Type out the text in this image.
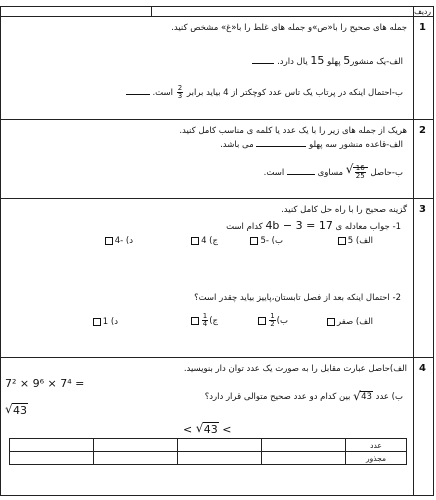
ردیف
1
جمله های صحیح را با«ص»و جمله های غلط را با«غ» مشخص کنید.
الف-یک منشور5 پهلو 15 یال دارد.
ب-احتمال اینکه در پرتاب یک تاس عدد کوچکتر از 4 بیاید برابر
$\frac{2}{3}$
است.
2
هریک از جمله های زیر را با یک عدد یا کلمه ی مناسب کامل کنید.
الف-قاعده منشور سه پهلو  می باشد.
ب-حاصل
√ $\frac{16}{25}$
مساوی  است.
3
گزینه صحیح را با راه حل کامل کنید.
1- جواب معادله ی 4b − 3 = 17 کدام است
الف) 5
ب) -5
ج) 4
د) -4
2- احتمال اینکه بعد از فصل تابستان،پاییز بیاید چقدر است؟
الف) صفر
ب)
$\frac{1}{2}$
ج)
$\frac{1}{4}$
د) 1
4
الف)حاصل عبارت مقابل را به صورت یک عدد توان دار بنویسید.
7² × 9⁶ × 7⁴ =
ب) عدد
√ 43 بین کدام دو عدد صحیح متوالی قرار دارد؟
√ 43
< √ 43 <
				عدد
				مجذور
